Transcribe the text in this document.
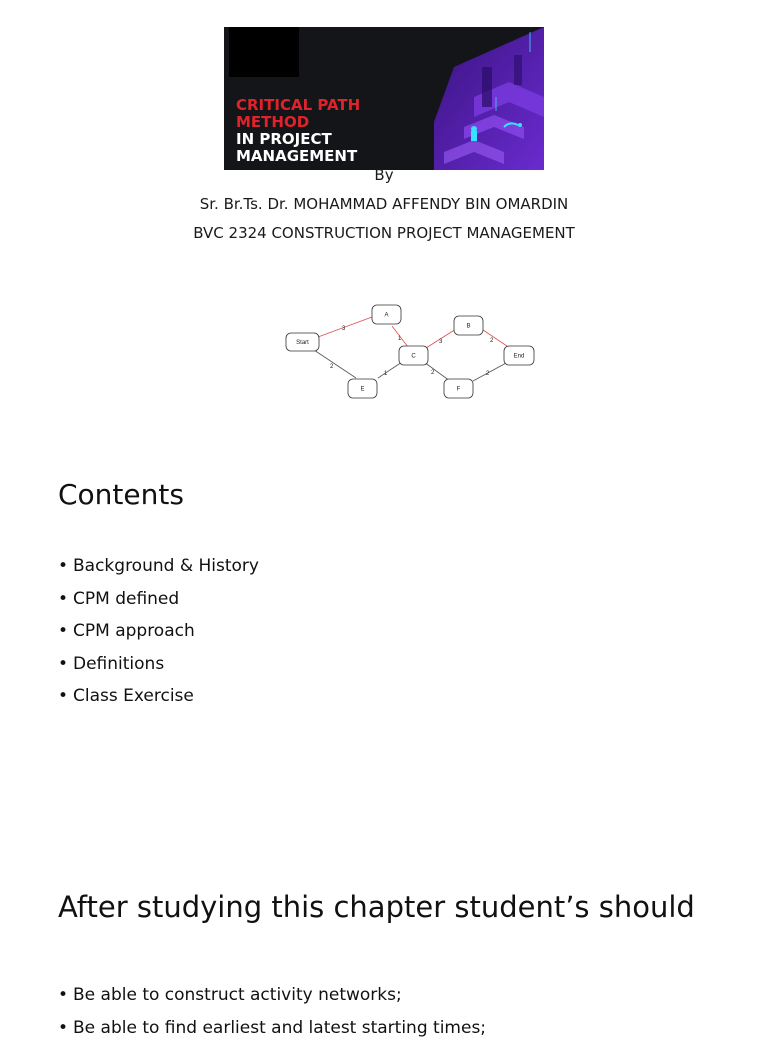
CRITICAL PATH
METHOD
IN PROJECT
MANAGEMENT
By
Sr. Br.Ts. Dr. MOHAMMAD AFFENDY BIN OMARDIN
BVC 2324 CONSTRUCTION PROJECT MANAGEMENT
3
2
1
1
3	2
2	2
Start
A
B
C
E	F
End
Contents
• Background & History
• CPM defined
• CPM approach
• Definitions
• Class Exercise
After studying this chapter student’s should
• Be able to construct activity networks;
• Be able to find earliest and latest starting times;
